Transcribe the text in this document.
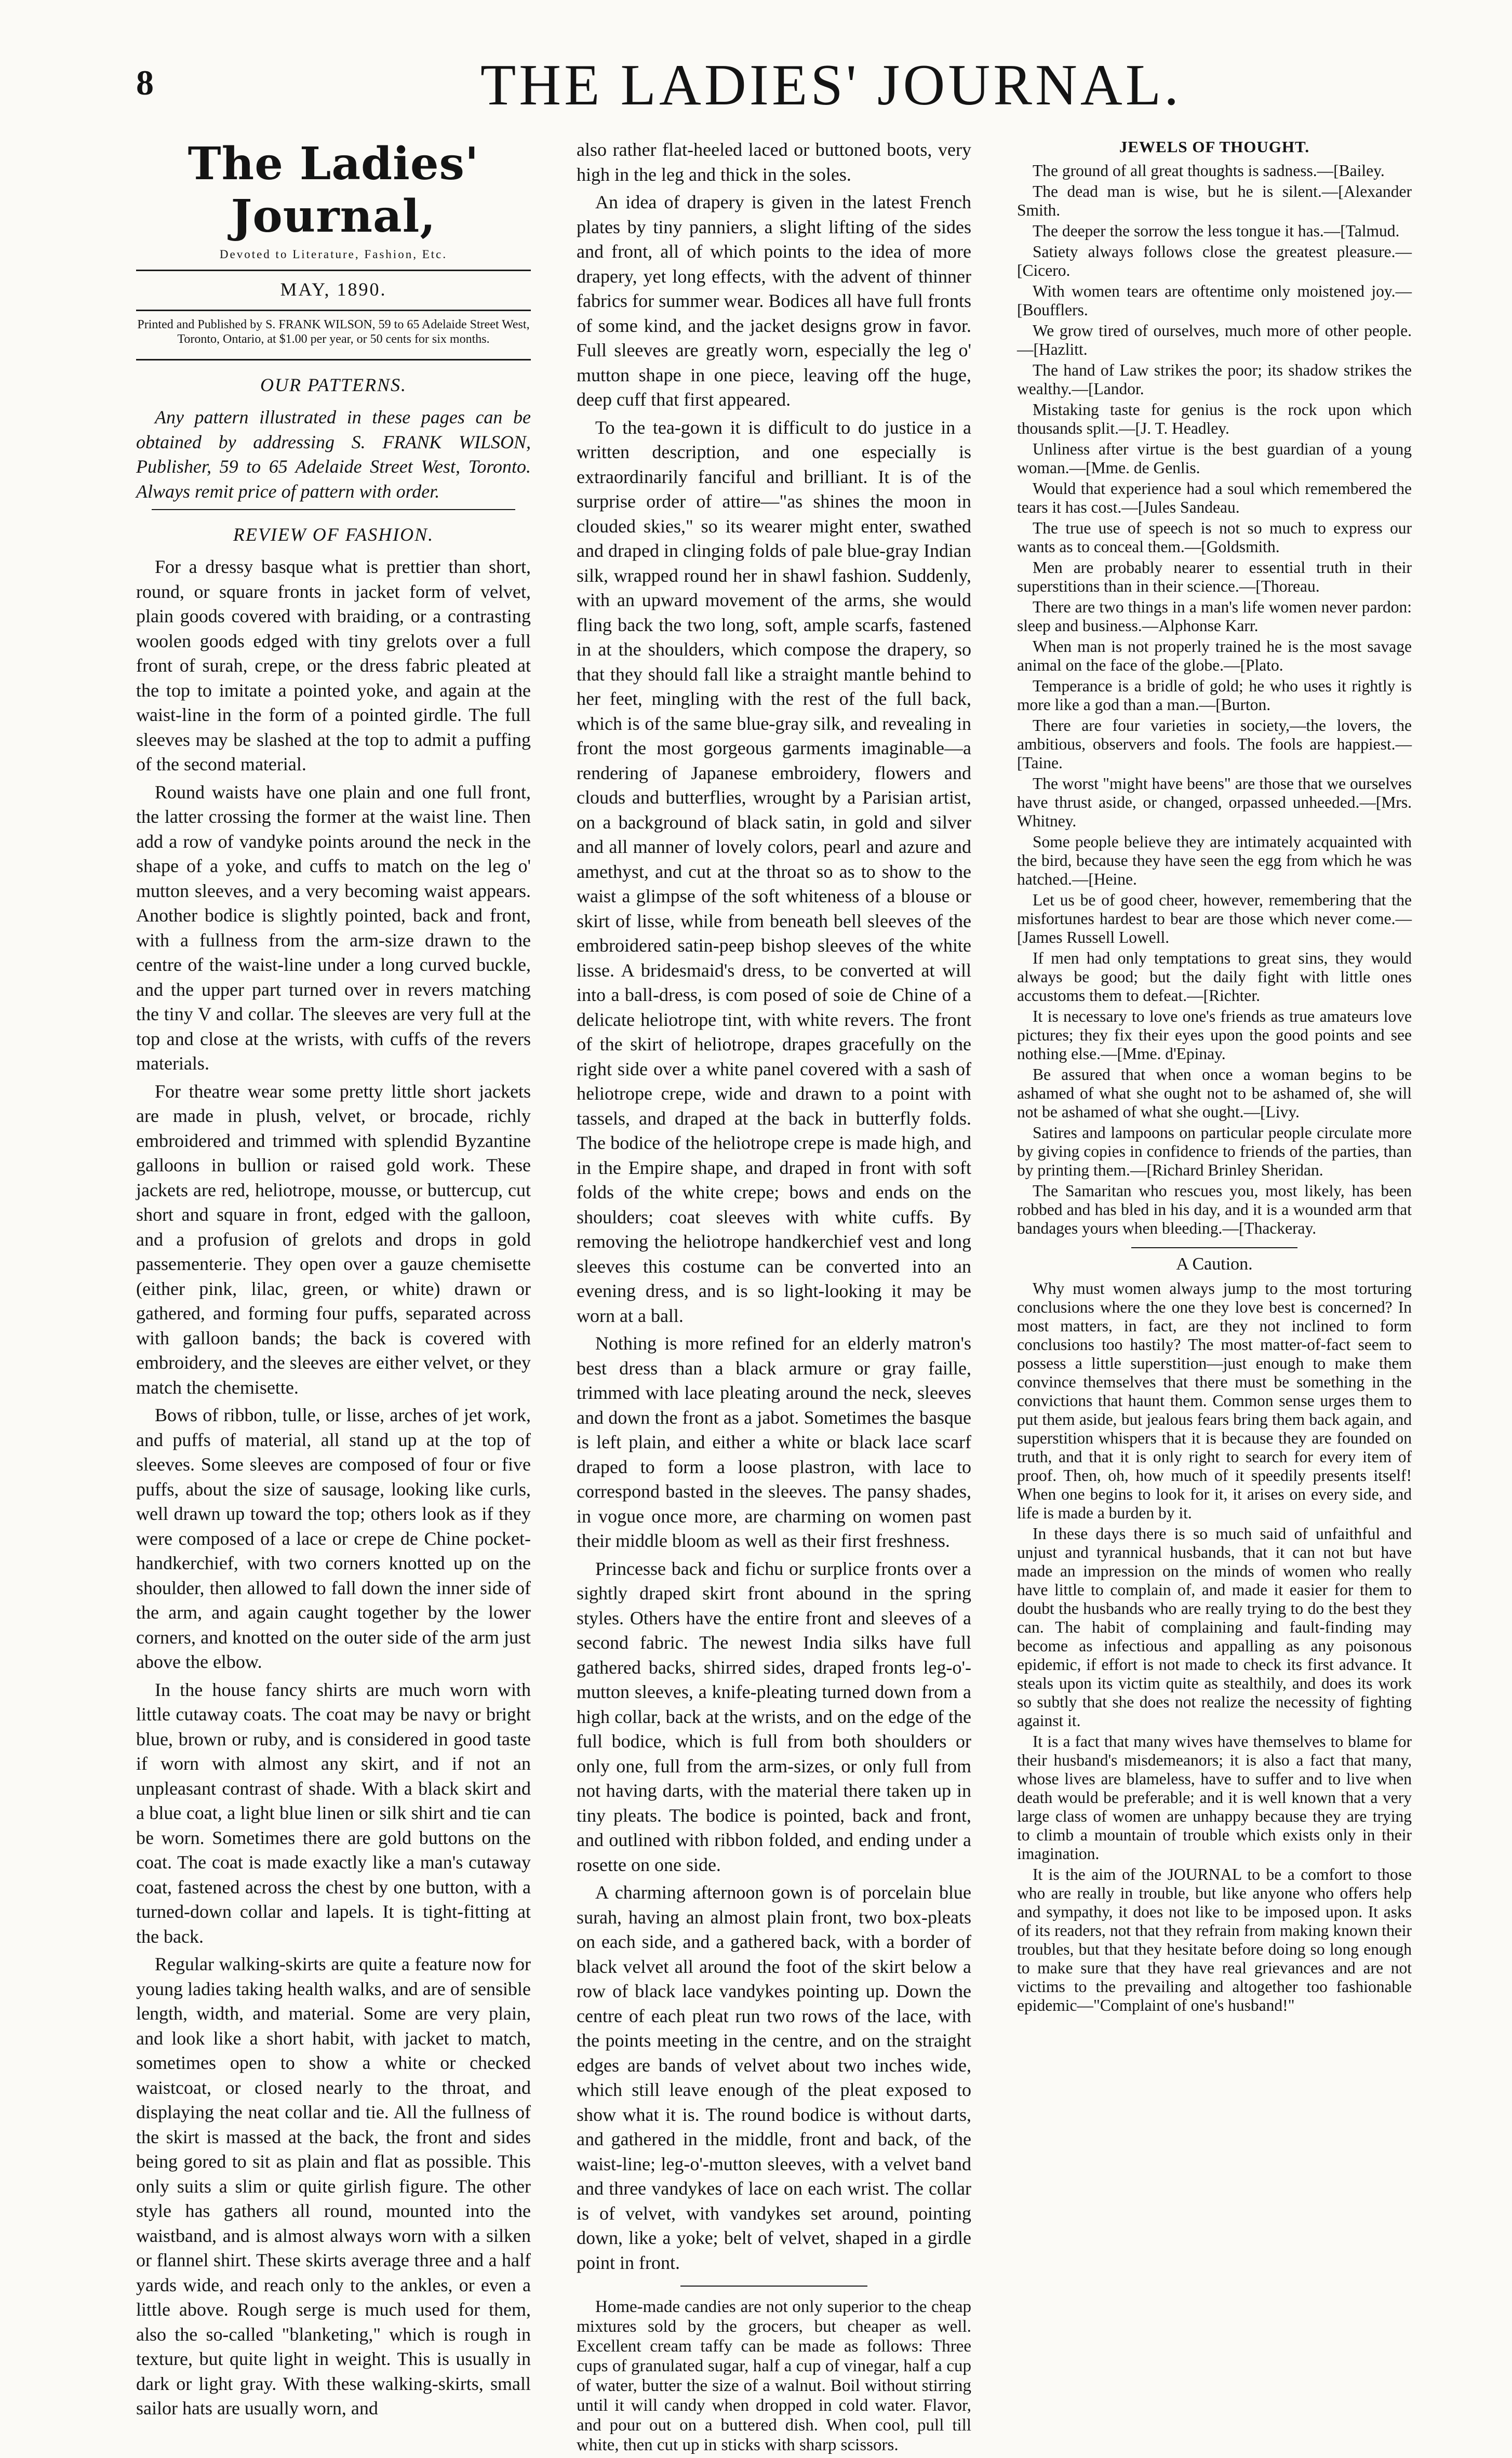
8	THE LADIES' JOURNAL.
The Ladies' Journal,
Devoted to Literature, Fashion, Etc.
MAY, 1890.
Printed and Published by S. FRANK WILSON, 59 to 65 Adelaide Street West, Toronto, Ontario, at $1.00 per year, or 50 cents for six months.
OUR PATTERNS.

Any pattern illustrated in these pages can be obtained by addressing S. FRANK WILSON, Publisher, 59 to 65 Adelaide Street West, Toronto. Always remit price of pattern with order.

REVIEW OF FASHION.

For a dressy basque what is prettier than short, round, or square fronts in jacket form of velvet, plain goods covered with braiding, or a contrasting woolen goods edged with tiny grelots over a full front of surah, crepe, or the dress fabric pleated at the top to imitate a pointed yoke, and again at the waist-line in the form of a pointed girdle. The full sleeves may be slashed at the top to admit a puffing of the second material.

Round waists have one plain and one full front, the latter crossing the former at the waist line. Then add a row of vandyke points around the neck in the shape of a yoke, and cuffs to match on the leg o' mutton sleeves, and a very becoming waist appears. Another bodice is slightly pointed, back and front, with a fullness from the arm-size drawn to the centre of the waist-line under a long curved buckle, and the upper part turned over in revers matching the tiny V and collar. The sleeves are very full at the top and close at the wrists, with cuffs of the revers materials.

For theatre wear some pretty little short jackets are made in plush, velvet, or brocade, richly embroidered and trimmed with splendid Byzantine galloons in bullion or raised gold work. These jackets are red, heliotrope, mousse, or buttercup, cut short and square in front, edged with the galloon, and a profusion of grelots and drops in gold passementerie. They open over a gauze chemisette (either pink, lilac, green, or white) drawn or gathered, and forming four puffs, separated across with galloon bands; the back is covered with embroidery, and the sleeves are either velvet, or they match the chemisette.

Bows of ribbon, tulle, or lisse, arches of jet work, and puffs of material, all stand up at the top of sleeves. Some sleeves are composed of four or five puffs, about the size of sausage, looking like curls, well drawn up toward the top; others look as if they were composed of a lace or crepe de Chine pocket-handkerchief, with two corners knotted up on the shoulder, then allowed to fall down the inner side of the arm, and again caught together by the lower corners, and knotted on the outer side of the arm just above the elbow.

In the house fancy shirts are much worn with little cutaway coats. The coat may be navy or bright blue, brown or ruby, and is considered in good taste if worn with almost any skirt, and if not an unpleasant contrast of shade. With a black skirt and a blue coat, a light blue linen or silk shirt and tie can be worn. Sometimes there are gold buttons on the coat. The coat is made exactly like a man's cutaway coat, fastened across the chest by one button, with a turned-down collar and lapels. It is tight-fitting at the back.

Regular walking-skirts are quite a feature now for young ladies taking health walks, and are of sensible length, width, and material. Some are very plain, and look like a short habit, with jacket to match, sometimes open to show a white or checked waistcoat, or closed nearly to the throat, and displaying the neat collar and tie. All the fullness of the skirt is massed at the back, the front and sides being gored to sit as plain and flat as possible. This only suits a slim or quite girlish figure. The other style has gathers all round, mounted into the waistband, and is almost always worn with a silken or flannel shirt. These skirts average three and a half yards wide, and reach only to the ankles, or even a little above. Rough serge is much used for them, also the so-called "blanketing," which is rough in texture, but quite light in weight. This is usually in dark or light gray. With these walking-skirts, small sailor hats are usually worn, and

also rather flat-heeled laced or buttoned boots, very high in the leg and thick in the soles.

An idea of drapery is given in the latest French plates by tiny panniers, a slight lifting of the sides and front, all of which points to the idea of more drapery, yet long effects, with the advent of thinner fabrics for summer wear. Bodices all have full fronts of some kind, and the jacket designs grow in favor. Full sleeves are greatly worn, especially the leg o' mutton shape in one piece, leaving off the huge, deep cuff that first appeared.

To the tea-gown it is difficult to do justice in a written description, and one especially is extraordinarily fanciful and brilliant. It is of the surprise order of attire—"as shines the moon in clouded skies," so its wearer might enter, swathed and draped in clinging folds of pale blue-gray Indian silk, wrapped round her in shawl fashion. Suddenly, with an upward movement of the arms, she would fling back the two long, soft, ample scarfs, fastened in at the shoulders, which compose the drapery, so that they should fall like a straight mantle behind to her feet, mingling with the rest of the full back, which is of the same blue-gray silk, and revealing in front the most gorgeous garments imaginable—a rendering of Japanese embroidery, flowers and clouds and butterflies, wrought by a Parisian artist, on a background of black satin, in gold and silver and all manner of lovely colors, pearl and azure and amethyst, and cut at the throat so as to show to the waist a glimpse of the soft whiteness of a blouse or skirt of lisse, while from beneath bell sleeves of the embroidered satin-peep bishop sleeves of the white lisse. A bridesmaid's dress, to be converted at will into a ball-dress, is com posed of soie de Chine of a delicate heliotrope tint, with white revers. The front of the skirt of heliotrope, drapes gracefully on the right side over a white panel covered with a sash of heliotrope crepe, wide and drawn to a point with tassels, and draped at the back in butterfly folds. The bodice of the heliotrope crepe is made high, and in the Empire shape, and draped in front with soft folds of the white crepe; bows and ends on the shoulders; coat sleeves with white cuffs. By removing the heliotrope handkerchief vest and long sleeves this costume can be converted into an evening dress, and is so light-looking it may be worn at a ball.

Nothing is more refined for an elderly matron's best dress than a black armure or gray faille, trimmed with lace pleating around the neck, sleeves and down the front as a jabot. Sometimes the basque is left plain, and either a white or black lace scarf draped to form a loose plastron, with lace to correspond basted in the sleeves. The pansy shades, in vogue once more, are charming on women past their middle bloom as well as their first freshness.

Princesse back and fichu or surplice fronts over a sightly draped skirt front abound in the spring styles. Others have the entire front and sleeves of a second fabric. The newest India silks have full gathered backs, shirred sides, draped fronts leg-o'-mutton sleeves, a knife-pleating turned down from a high collar, back at the wrists, and on the edge of the full bodice, which is full from both shoulders or only one, full from the arm-sizes, or only full from not having darts, with the material there taken up in tiny pleats. The bodice is pointed, back and front, and outlined with ribbon folded, and ending under a rosette on one side.

A charming afternoon gown is of porcelain blue surah, having an almost plain front, two box-pleats on each side, and a gathered back, with a border of black velvet all around the foot of the skirt below a row of black lace vandykes pointing up. Down the centre of each pleat run two rows of the lace, with the points meeting in the centre, and on the straight edges are bands of velvet about two inches wide, which still leave enough of the pleat exposed to show what it is. The round bodice is without darts, and gathered in the middle, front and back, of the waist-line; leg-o'-mutton sleeves, with a velvet band and three vandykes of lace on each wrist. The collar is of velvet, with vandykes set around, pointing down, like a yoke; belt of velvet, shaped in a girdle point in front.

Home-made candies are not only superior to the cheap mixtures sold by the grocers, but cheaper as well. Excellent cream taffy can be made as follows: Three cups of granulated sugar, half a cup of vinegar, half a cup of water, butter the size of a walnut. Boil without stirring until it will candy when dropped in cold water. Flavor, and pour out on a buttered dish. When cool, pull till white, then cut up in sticks with sharp scissors.

JEWELS OF THOUGHT.

The ground of all great thoughts is sadness.—[Bailey.

The dead man is wise, but he is silent.—[Alexander Smith.

The deeper the sorrow the less tongue it has.—[Talmud.

Satiety always follows close the greatest pleasure.—[Cicero.

With women tears are oftentime only moistened joy.—[Boufflers.

We grow tired of ourselves, much more of other people.—[Hazlitt.

The hand of Law strikes the poor; its shadow strikes the wealthy.—[Landor.

Mistaking taste for genius is the rock upon which thousands split.—[J. T. Headley.

Unliness after virtue is the best guardian of a young woman.—[Mme. de Genlis.

Would that experience had a soul which remembered the tears it has cost.—[Jules Sandeau.

The true use of speech is not so much to express our wants as to conceal them.—[Goldsmith.

Men are probably nearer to essential truth in their superstitions than in their science.—[Thoreau.

There are two things in a man's life women never pardon: sleep and business.—Alphonse Karr.

When man is not properly trained he is the most savage animal on the face of the globe.—[Plato.

Temperance is a bridle of gold; he who uses it rightly is more like a god than a man.—[Burton.

There are four varieties in society,—the lovers, the ambitious, observers and fools. The fools are happiest.—[Taine.

The worst "might have beens" are those that we ourselves have thrust aside, or changed, orpassed unheeded.—[Mrs. Whitney.

Some people believe they are intimately acquainted with the bird, because they have seen the egg from which he was hatched.—[Heine.

Let us be of good cheer, however, remembering that the misfortunes hardest to bear are those which never come.—[James Russell Lowell.

If men had only temptations to great sins, they would always be good; but the daily fight with little ones accustoms them to defeat.—[Richter.

It is necessary to love one's friends as true amateurs love pictures; they fix their eyes upon the good points and see nothing else.—[Mme. d'Epinay.

Be assured that when once a woman begins to be ashamed of what she ought not to be ashamed of, she will not be ashamed of what she ought.—[Livy.

Satires and lampoons on particular people circulate more by giving copies in confidence to friends of the parties, than by printing them.—[Richard Brinley Sheridan.

The Samaritan who rescues you, most likely, has been robbed and has bled in his day, and it is a wounded arm that bandages yours when bleeding.—[Thackeray.

A Caution.

Why must women always jump to the most torturing conclusions where the one they love best is concerned? In most matters, in fact, are they not inclined to form conclusions too hastily? The most matter-of-fact seem to possess a little superstition—just enough to make them convince themselves that there must be something in the convictions that haunt them. Common sense urges them to put them aside, but jealous fears bring them back again, and superstition whispers that it is because they are founded on truth, and that it is only right to search for every item of proof. Then, oh, how much of it speedily presents itself! When one begins to look for it, it arises on every side, and life is made a burden by it.

In these days there is so much said of unfaithful and unjust and tyrannical husbands, that it can not but have made an impression on the minds of women who really have little to complain of, and made it easier for them to doubt the husbands who are really trying to do the best they can. The habit of complaining and fault-finding may become as infectious and appalling as any poisonous epidemic, if effort is not made to check its first advance. It steals upon its victim quite as stealthily, and does its work so subtly that she does not realize the necessity of fighting against it.

It is a fact that many wives have themselves to blame for their husband's misdemeanors; it is also a fact that many, whose lives are blameless, have to suffer and to live when death would be preferable; and it is well known that a very large class of women are unhappy because they are trying to climb a mountain of trouble which exists only in their imagination.

It is the aim of the JOURNAL to be a comfort to those who are really in trouble, but like anyone who offers help and sympathy, it does not like to be imposed upon. It asks of its readers, not that they refrain from making known their troubles, but that they hesitate before doing so long enough to make sure that they have real grievances and are not victims to the prevailing and altogether too fashionable epidemic—"Complaint of one's husband!"
